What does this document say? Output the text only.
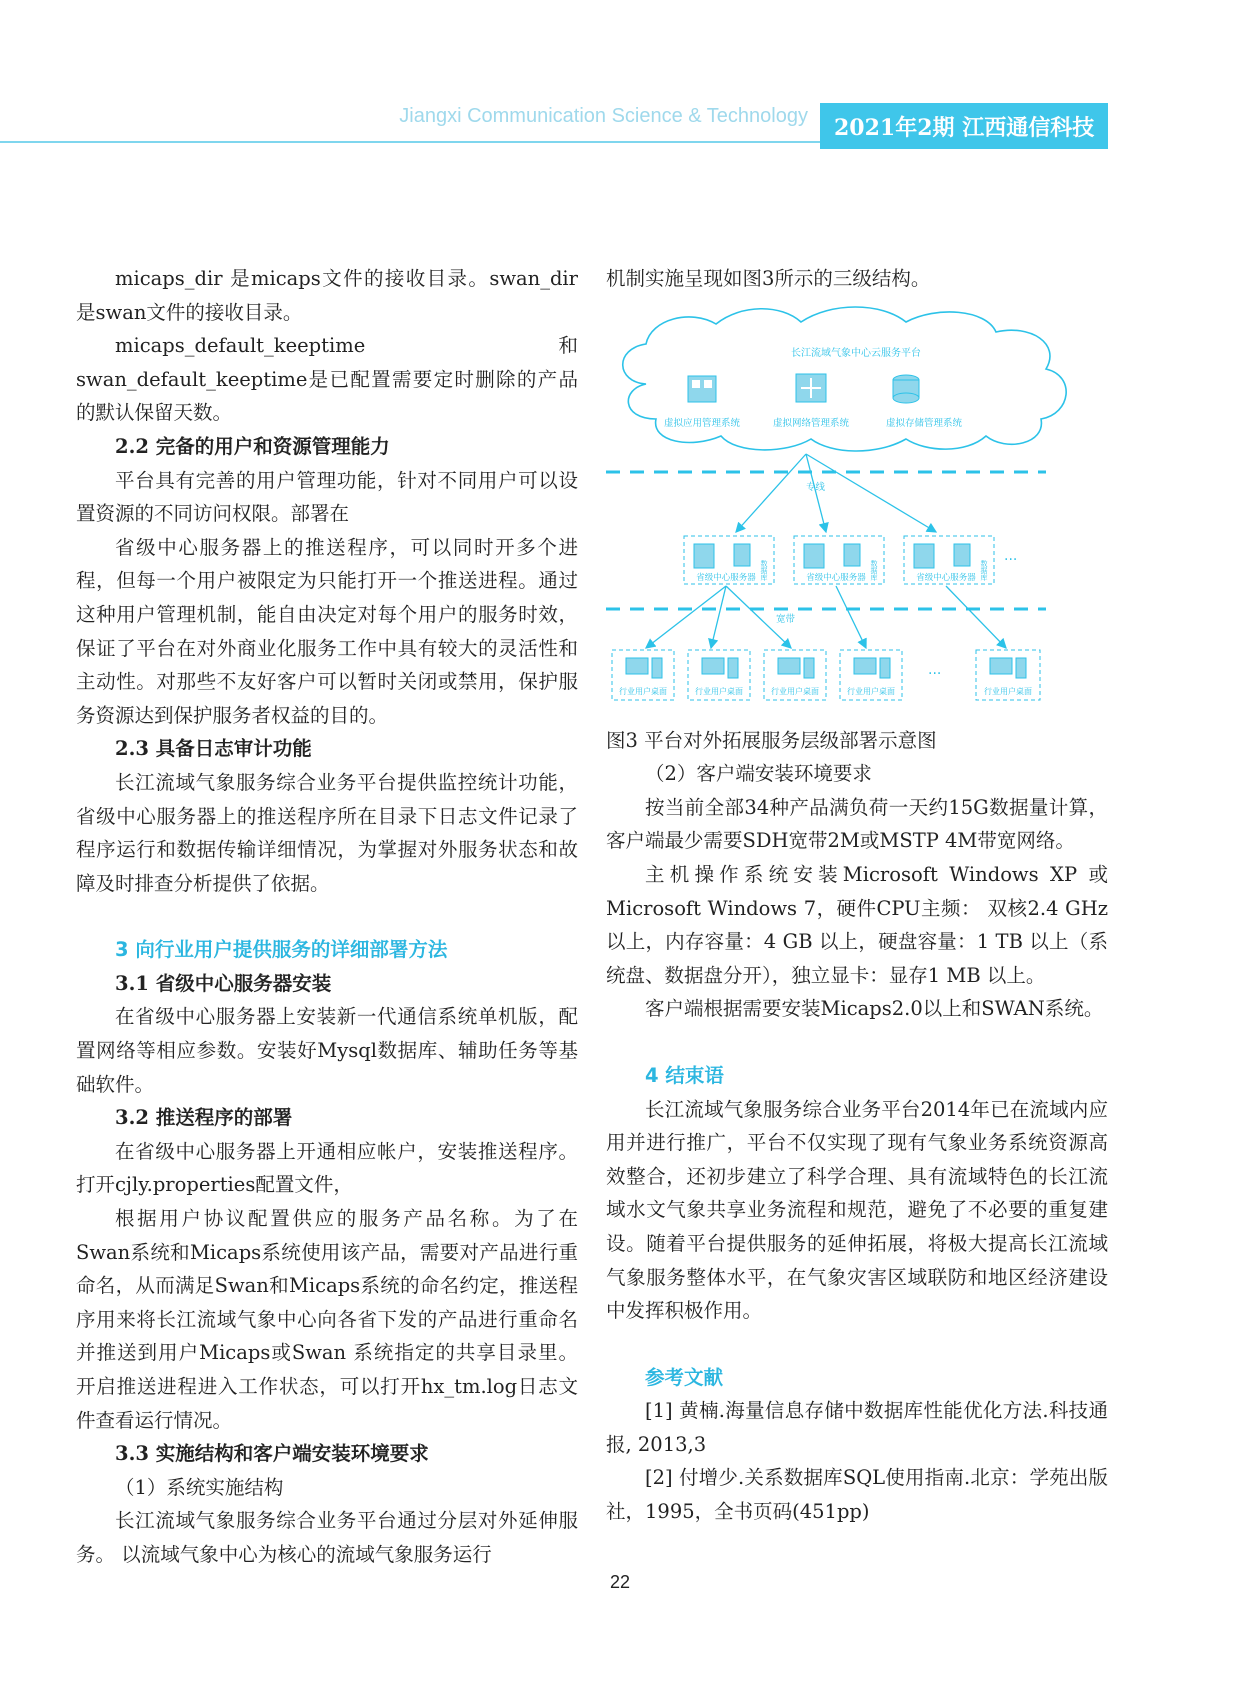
Jiangxi Communication Science & Technology 2021年2期 江西通信科技

micaps_dir 是micaps文件的接收目录。swan_dir是swan文件的接收目录。

micaps_default_keeptime 和 swan_default_keeptime是已配置需要定时删除的产品的默认保留天数。

2.2 完备的用户和资源管理能力

平台具有完善的用户管理功能，针对不同用户可以设置资源的不同访问权限。部署在

省级中心服务器上的推送程序，可以同时开多个进程，但每一个用户被限定为只能打开一个推送进程。通过这种用户管理机制，能自由决定对每个用户的服务时效，保证了平台在对外商业化服务工作中具有较大的灵活性和主动性。对那些不友好客户可以暂时关闭或禁用，保护服务资源达到保护服务者权益的目的。

2.3 具备日志审计功能

长江流域气象服务综合业务平台提供监控统计功能，省级中心服务器上的推送程序所在目录下日志文件记录了程序运行和数据传输详细情况，为掌握对外服务状态和故障及时排查分析提供了依据。

3 向行业用户提供服务的详细部署方法

3.1 省级中心服务器安装

在省级中心服务器上安装新一代通信系统单机版，配置网络等相应参数。安装好Mysql数据库、辅助任务等基础软件。

3.2 推送程序的部署

在省级中心服务器上开通相应帐户，安装推送程序。打开cjly.properties配置文件，

根据用户协议配置供应的服务产品名称。为了在Swan系统和Micaps系统使用该产品，需要对产品进行重命名，从而满足Swan和Micaps系统的命名约定，推送程序用来将长江流域气象中心向各省下发的产品进行重命名并推送到用户Micaps或Swan 系统指定的共享目录里。开启推送进程进入工作状态，可以打开hx_tm.log日志文件查看运行情况。

3.3 实施结构和客户端安装环境要求

（1）系统实施结构

长江流域气象服务综合业务平台通过分层对外延伸服务。 以流域气象中心为核心的流域气象服务运行

机制实施呈现如图3所示的三级结构。

长江流域气象中心云服务平台
虚拟应用管理系统	虚拟网络管理系统	虚拟存储管理系统
专线
省级中心服务器 数据库	省级中心服务器 数据库	省级中心服务器 数据库 ···
宽带
行业用户桌面	行业用户桌面	行业用户桌面	行业用户桌面
···
行业用户桌面

图3 平台对外拓展服务层级部署示意图

（2）客户端安装环境要求

按当前全部34种产品满负荷一天约15G数据量计算，客户端最少需要SDH宽带2M或MSTP 4M带宽网络。

主机操作系统安装Microsoft Windows XP 或Microsoft Windows 7，硬件CPU主频： 双核2.4 GHz 以上，内存容量：4 GB 以上，硬盘容量：1 TB 以上（系统盘、数据盘分开），独立显卡：显存1 MB 以上。

客户端根据需要安装Micaps2.0以上和SWAN系统。

4 结束语

长江流域气象服务综合业务平台2014年已在流域内应用并进行推广，平台不仅实现了现有气象业务系统资源高效整合，还初步建立了科学合理、具有流域特色的长江流域水文气象共享业务流程和规范，避免了不必要的重复建设。随着平台提供服务的延伸拓展，将极大提高长江流域气象服务整体水平，在气象灾害区域联防和地区经济建设中发挥积极作用。

参考文献

[1] 黄楠.海量信息存储中数据库性能优化方法.科技通报, 2013,3

[2] 付增少.关系数据库SQL使用指南.北京：学苑出版社，1995，全书页码(451pp)

22
